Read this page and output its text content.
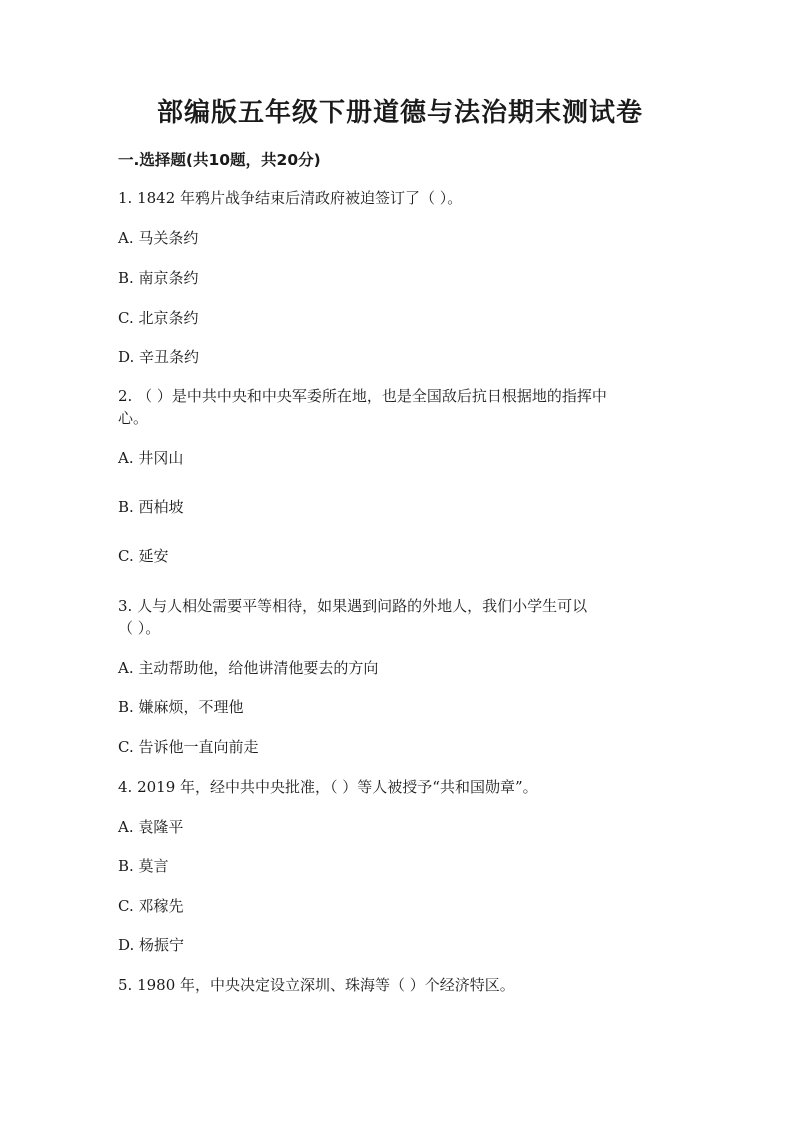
部编版五年级下册道德与法治期末测试卷
一.选择题(共10题，共20分)
1. 1842 年鸦片战争结束后清政府被迫签订了（ ）。
A. 马关条约
B. 南京条约
C. 北京条约
D. 辛丑条约
2. （ ）是中共中央和中央军委所在地，也是全国敌后抗日根据地的指挥中
心。
A. 井冈山
B. 西柏坡
C. 延安
3. 人与人相处需要平等相待，如果遇到问路的外地人，我们小学生可以
（ ）。
A. 主动帮助他，给他讲清他要去的方向
B. 嫌麻烦，不理他
C. 告诉他一直向前走
4. 2019 年，经中共中央批准，（ ）等人被授予“共和国勋章”。
A. 袁隆平
B. 莫言
C. 邓稼先
D. 杨振宁
5. 1980 年，中央决定设立深圳、珠海等（ ）个经济特区。
